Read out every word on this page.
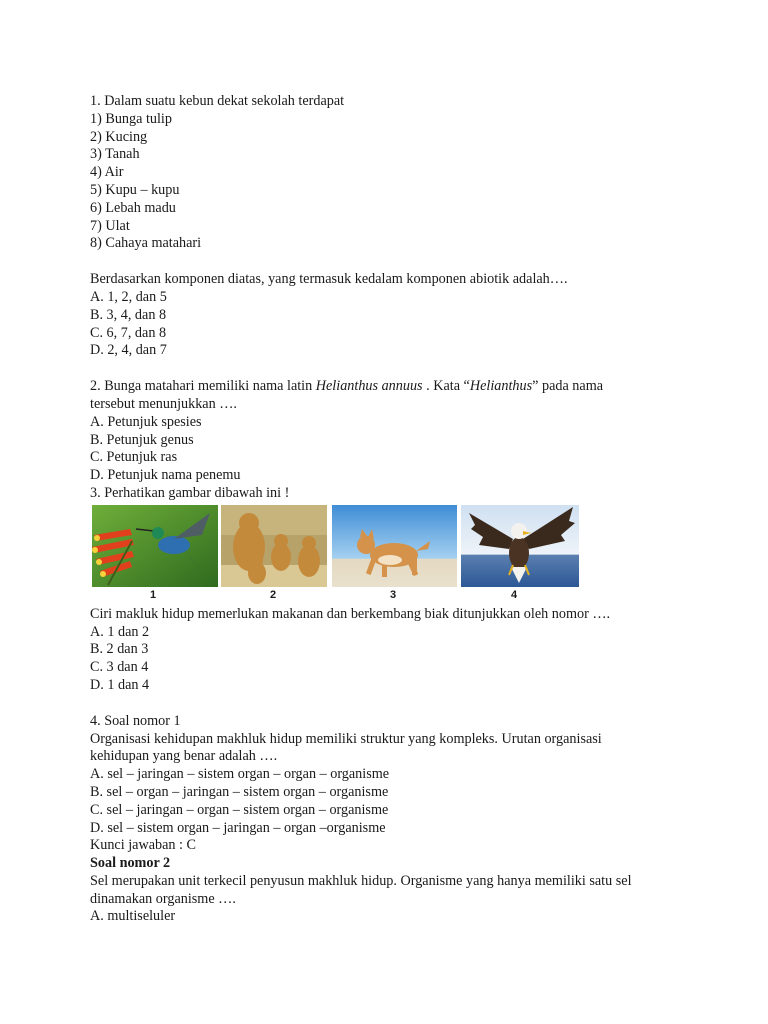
1. Dalam suatu kebun dekat sekolah terdapat

1) Bunga tulip

2) Kucing

3) Tanah

4) Air

5) Kupu – kupu

6) Lebah madu

7) Ulat

8) Cahaya matahari

Berdasarkan komponen diatas, yang termasuk kedalam komponen abiotik adalah….

A. 1, 2, dan 5

B. 3, 4, dan 8

C. 6, 7, dan 8

D. 2, 4, dan 7

2. Bunga matahari memiliki nama latin Helianthus annuus . Kata “Helianthus” pada nama

tersebut menunjukkan ….

A. Petunjuk spesies

B. Petunjuk genus

C. Petunjuk ras

D. Petunjuk nama penemu

3. Perhatikan gambar dibawah ini !

1	2	3	4

Ciri makluk hidup memerlukan makanan dan berkembang biak ditunjukkan oleh nomor ….

A. 1 dan 2

B. 2 dan 3

C. 3 dan 4

D. 1 dan 4

4. Soal nomor 1

Organisasi kehidupan makhluk hidup memiliki struktur yang kompleks. Urutan organisasi

kehidupan yang benar adalah ….

A. sel – jaringan – sistem organ – organ – organisme

B. sel – organ – jaringan – sistem organ – organisme

C. sel – jaringan – organ – sistem organ – organisme

D. sel – sistem organ – jaringan – organ –organisme

Kunci jawaban : C

Soal nomor 2

Sel merupakan unit terkecil penyusun makhluk hidup. Organisme yang hanya memiliki satu sel

dinamakan organisme ….

A. multiseluler
